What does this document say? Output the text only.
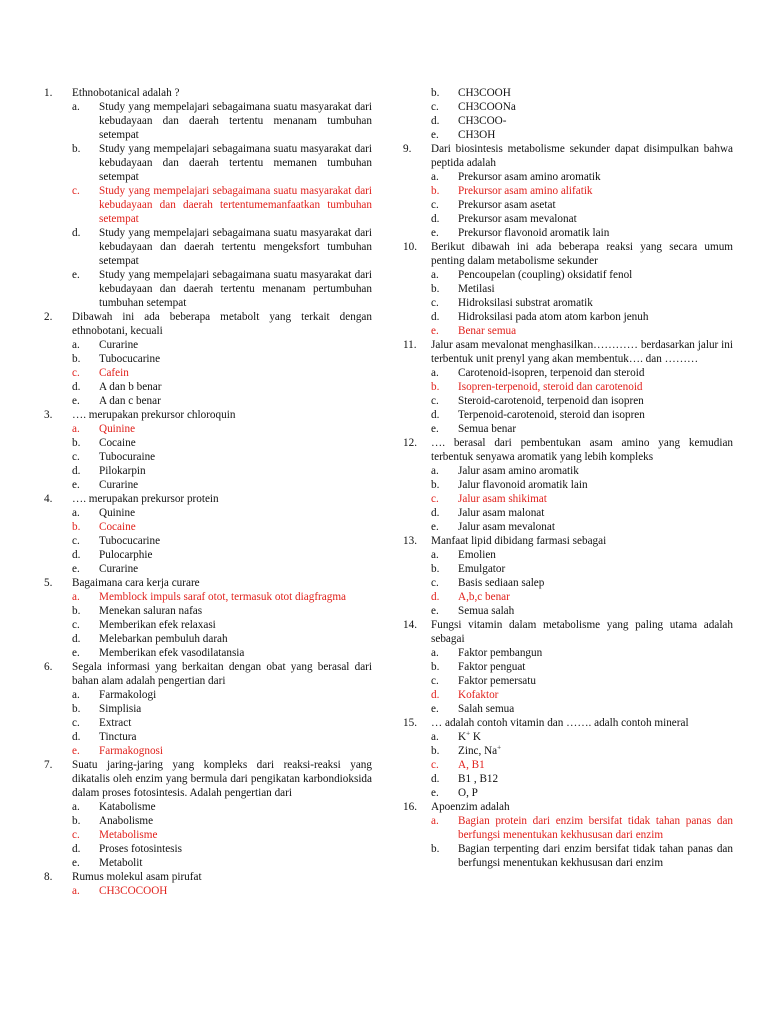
1.	Ethnobotanical adalah ?
a.	Study yang mempelajari sebagaimana suatu masyarakat dari kebudayaan dan daerah tertentu menanam tumbuhan setempat
b.	Study yang mempelajari sebagaimana suatu masyarakat dari kebudayaan dan daerah tertentu memanen tumbuhan setempat
c.	Study yang mempelajari sebagaimana suatu masyarakat dari kebudayaan dan daerah tertentumemanfaatkan tumbuhan setempat
d.	Study yang mempelajari sebagaimana suatu masyarakat dari kebudayaan dan daerah tertentu mengeksfort tumbuhan setempat
e.	Study yang mempelajari sebagaimana suatu masyarakat dari kebudayaan dan daerah tertentu menanam pertumbuhan tumbuhan setempat
2.	Dibawah ini ada beberapa metabolt yang terkait dengan ethnobotani, kecuali
a.	Curarine
b.	Tubocucarine
c.	Cafein
d.	A dan b benar
e.	A dan c benar
3.	…. merupakan prekursor chloroquin
a.	Quinine
b.	Cocaine
c.	Tubocuraine
d.	Pilokarpin
e.	Curarine
4.	…. merupakan prekursor protein
a.	Quinine
b.	Cocaine
c.	Tubocucarine
d.	Pulocarphie
e.	Curarine
5.	Bagaimana cara kerja curare
a.	Memblock impuls saraf otot, termasuk otot diagfragma
b.	Menekan saluran nafas
c.	Memberikan efek relaxasi
d.	Melebarkan pembuluh darah
e.	Memberikan efek vasodilatansia
6.	Segala informasi yang berkaitan dengan obat yang berasal dari bahan alam adalah pengertian dari
a.	Farmakologi
b.	Simplisia
c.	Extract
d.	Tinctura
e.	Farmakognosi
7.	Suatu jaring-jaring yang kompleks dari reaksi-reaksi yang dikatalis oleh enzim yang bermula dari pengikatan karbondioksida dalam proses fotosintesis. Adalah pengertian dari
a.	Katabolisme
b.	Anabolisme
c.	Metabolisme
d.	Proses fotosintesis
e.	Metabolit
8.	Rumus molekul asam pirufat
a.	CH3COCOOH
b.	CH3COOH
c.	CH3COONa
d.	CH3COO-
e.	CH3OH
9.	Dari biosintesis metabolisme sekunder dapat disimpulkan bahwa peptida adalah
a.	Prekursor asam amino aromatik
b.	Prekursor asam amino alifatik
c.	Prekursor asam asetat
d.	Prekursor asam mevalonat
e.	Prekursor flavonoid aromatik lain
10.	Berikut dibawah ini ada beberapa reaksi yang secara umum penting dalam metabolisme sekunder
a.	Pencoupelan (coupling) oksidatif fenol
b.	Metilasi
c.	Hidroksilasi substrat aromatik
d.	Hidroksilasi pada atom atom karbon jenuh
e.	Benar semua
11.	Jalur asam mevalonat menghasilkan………… berdasarkan jalur ini terbentuk unit prenyl yang akan membentuk…. dan ………
a.	Carotenoid-isopren, terpenoid dan steroid
b.	Isopren-terpenoid, steroid dan carotenoid
c.	Steroid-carotenoid, terpenoid dan isopren
d.	Terpenoid-carotenoid, steroid dan isopren
e.	Semua benar
12.	…. berasal dari pembentukan asam amino yang kemudian terbentuk senyawa aromatik yang lebih kompleks
a.	Jalur asam amino aromatik
b.	Jalur flavonoid aromatik lain
c.	Jalur asam shikimat
d.	Jalur asam malonat
e.	Jalur asam mevalonat
13.	Manfaat lipid dibidang farmasi sebagai
a.	Emolien
b.	Emulgator
c.	Basis sediaan salep
d.	A,b,c benar
e.	Semua salah
14.	Fungsi vitamin dalam metabolisme yang paling utama adalah sebagai
a.	Faktor pembangun
b.	Faktor penguat
c.	Faktor pemersatu
d.	Kofaktor
e.	Salah semua
15.	… adalah contoh vitamin dan ……. adalh contoh mineral
a.	K+ K
b.	Zinc, Na+
c.	A, B1
d.	B1 , B12
e.	O, P
16.	Apoenzim adalah
a.	Bagian protein dari enzim bersifat tidak tahan panas dan berfungsi menentukan kekhususan dari enzim
b.	Bagian terpenting dari enzim bersifat tidak tahan panas dan berfungsi menentukan kekhususan dari enzim
